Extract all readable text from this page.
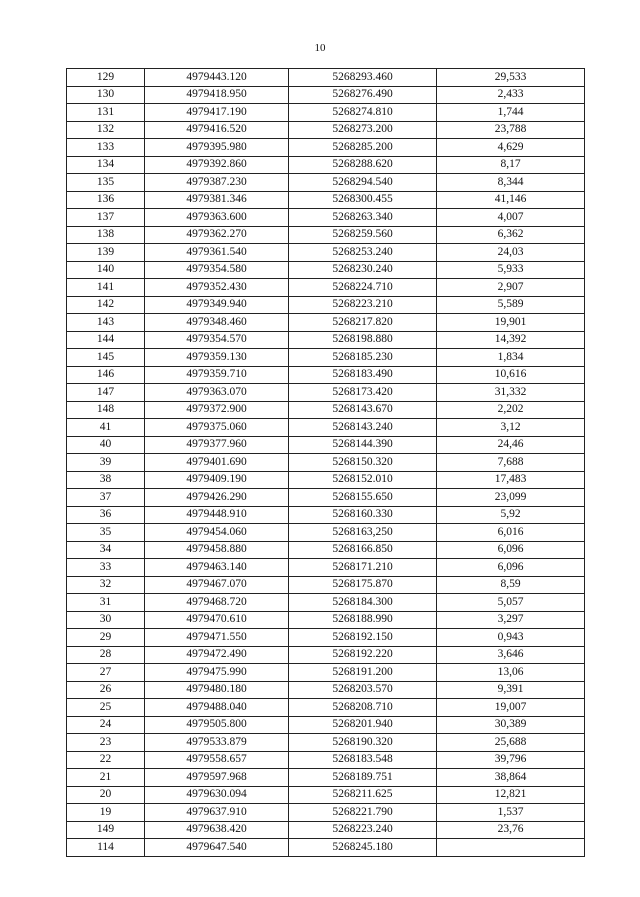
10
129	4979443.120	5268293.460	29,533
130	4979418.950	5268276.490	2,433
131	4979417.190	5268274.810	1,744
132	4979416.520	5268273.200	23,788
133	4979395.980	5268285.200	4,629
134	4979392.860	5268288.620	8,17
135	4979387.230	5268294.540	8,344
136	4979381.346	5268300.455	41,146
137	4979363.600	5268263.340	4,007
138	4979362.270	5268259.560	6,362
139	4979361.540	5268253.240	24,03
140	4979354.580	5268230.240	5,933
141	4979352.430	5268224.710	2,907
142	4979349.940	5268223.210	5,589
143	4979348.460	5268217.820	19,901
144	4979354.570	5268198.880	14,392
145	4979359.130	5268185.230	1,834
146	4979359.710	5268183.490	10,616
147	4979363.070	5268173.420	31,332
148	4979372.900	5268143.670	2,202
41	4979375.060	5268143.240	3,12
40	4979377.960	5268144.390	24,46
39	4979401.690	5268150.320	7,688
38	4979409.190	5268152.010	17,483
37	4979426.290	5268155.650	23,099
36	4979448.910	5268160.330	5,92
35	4979454.060	5268163,250	6,016
34	4979458.880	5268166.850	6,096
33	4979463.140	5268171.210	6,096
32	4979467.070	5268175.870	8,59
31	4979468.720	5268184.300	5,057
30	4979470.610	5268188.990	3,297
29	4979471.550	5268192.150	0,943
28	4979472.490	5268192.220	3,646
27	4979475.990	5268191.200	13,06
26	4979480.180	5268203.570	9,391
25	4979488.040	5268208.710	19,007
24	4979505.800	5268201.940	30,389
23	4979533.879	5268190.320	25,688
22	4979558.657	5268183.548	39,796
21	4979597.968	5268189.751	38,864
20	4979630.094	5268211.625	12,821
19	4979637.910	5268221.790	1,537
149	4979638.420	5268223.240	23,76
114	4979647.540	5268245.180	
